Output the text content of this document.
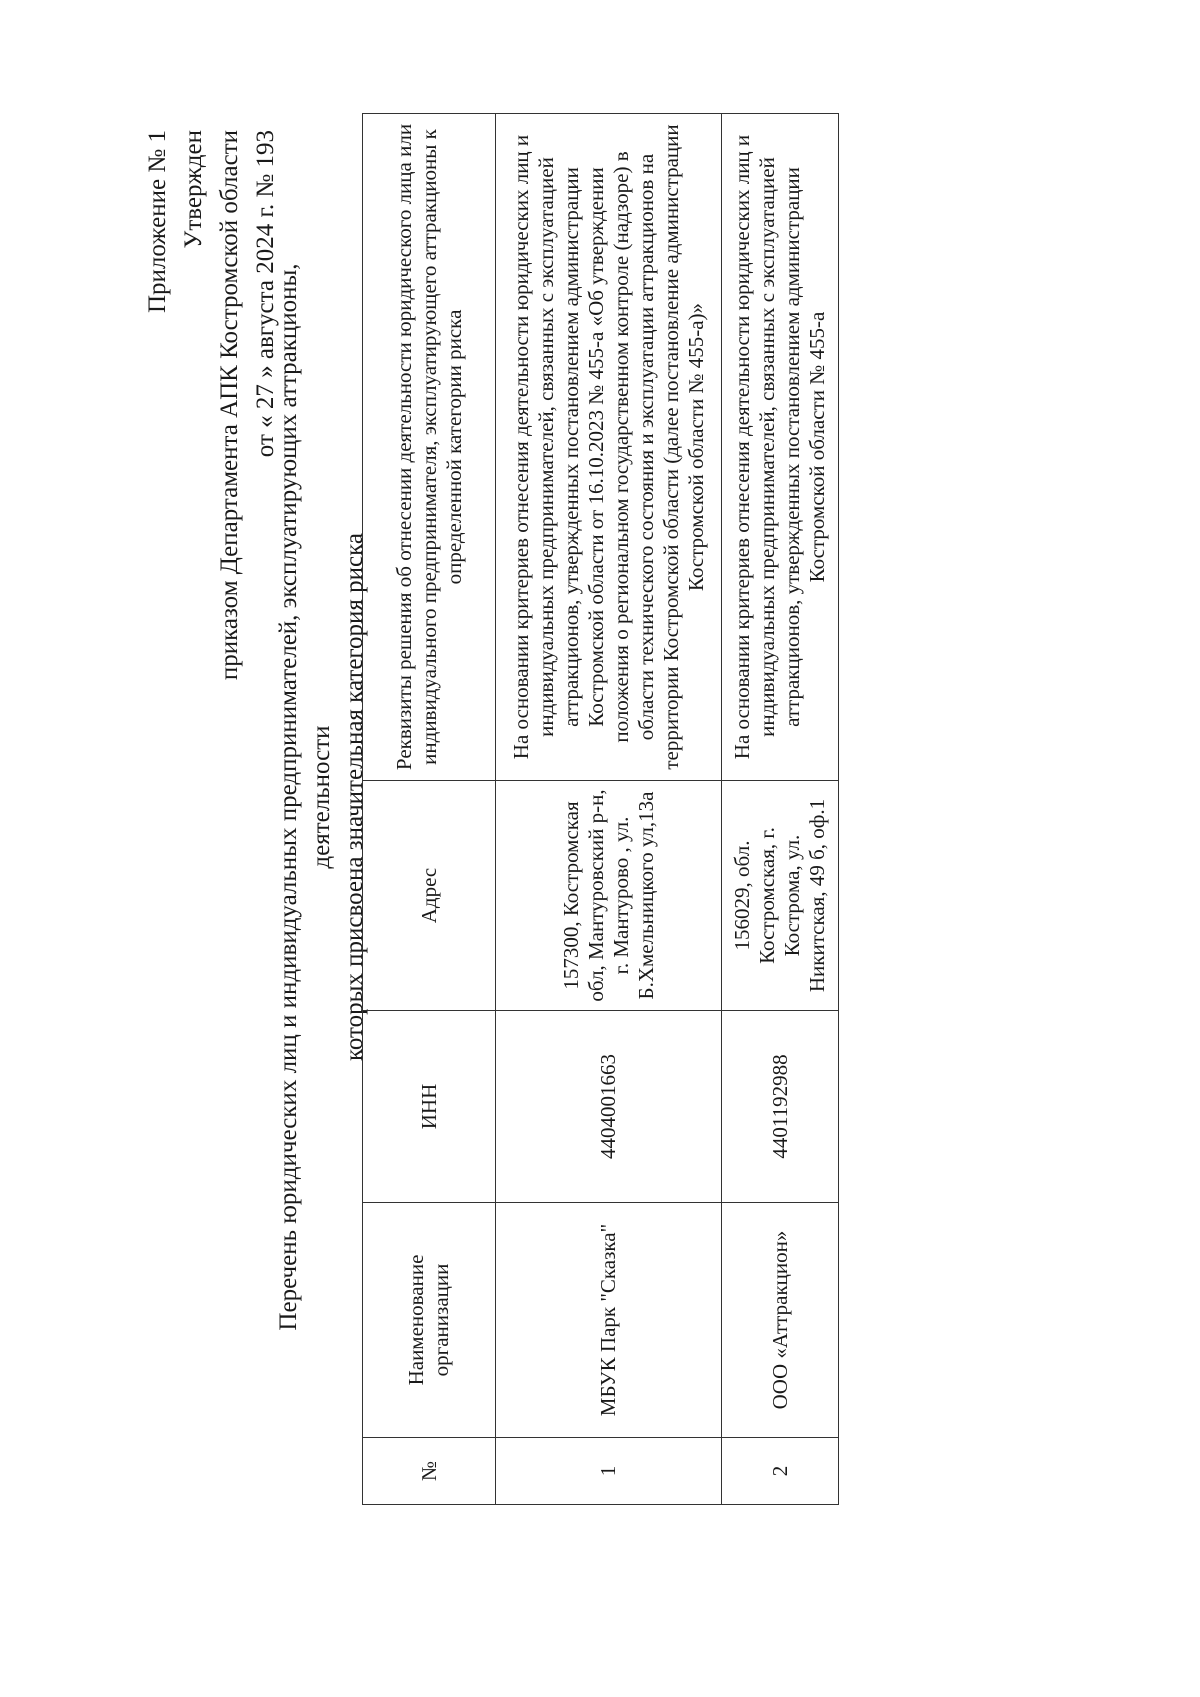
Приложение № 1 Утвержден приказом Департамента АПК Костромской области от « 27 » августа 2024 г. № 193
Перечень юридических лиц и индивидуальных предпринимателей, эксплуатирующих аттракционы, деятельности которых присвоена значительная категория риска
№	Наименование организации	ИНН	Адрес	Реквизиты решения об отнесении деятельности юридического лица или индивидуального предпринимателя, эксплуатирующего аттракционы к определенной категории риска
1	МБУК Парк "Сказка"	4404001663	157300, Костромская обл, Мантуровский р-н, г. Мантурово , ул. Б.Хмельницкого ул,13а	На основании критериев отнесения деятельности юридических лиц и индивидуальных предпринимателей, связанных с эксплуатацией аттракционов, утвержденных постановлением администрации Костромской области от 16.10.2023 № 455-а «Об утверждении положения о региональном государственном контроле (надзоре) в области технического состояния и эксплуатации аттракционов на территории Костромской области (далее постановление администрации Костромской области № 455-а)»
2	ООО «Аттракцион»	4401192988	156029, обл. Костромская, г. Кострома, ул. Никитская, 49 б, оф.1	На основании критериев отнесения деятельности юридических лиц и индивидуальных предпринимателей, связанных с эксплуатацией аттракционов, утвержденных постановлением администрации Костромской области № 455-а
